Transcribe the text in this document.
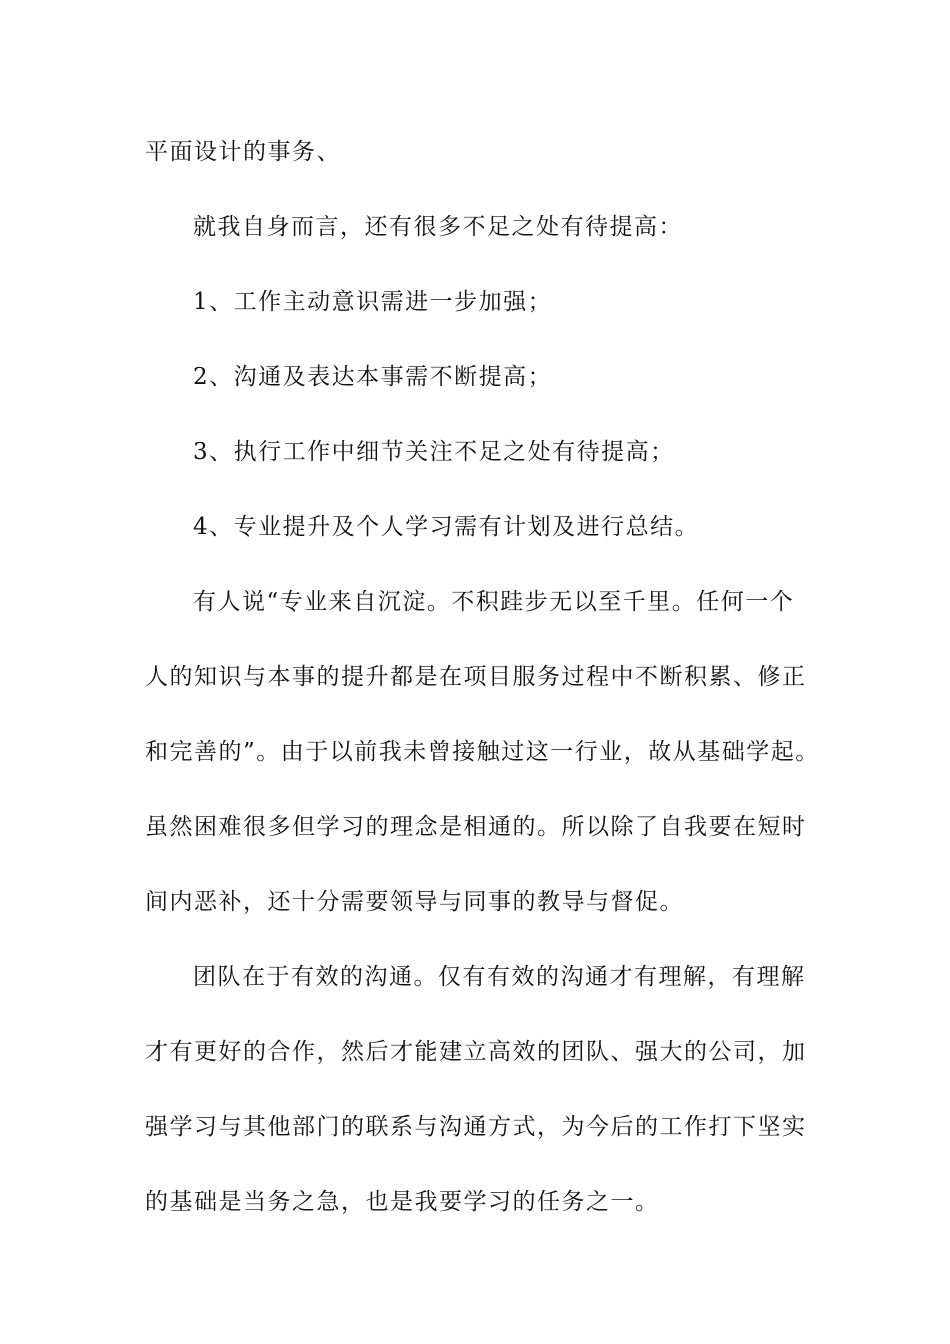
平面设计的事务、
就我自身而言，还有很多不足之处有待提高：
1、工作主动意识需进一步加强；
2、沟通及表达本事需不断提高；
3、执行工作中细节关注不足之处有待提高；
4、专业提升及个人学习需有计划及进行总结。
有人说“专业来自沉淀。不积跬步无以至千里。任何一个
人的知识与本事的提升都是在项目服务过程中不断积累、修正
和完善的”。由于以前我未曾接触过这一行业，故从基础学起。
虽然困难很多但学习的理念是相通的。所以除了自我要在短时
间内恶补，还十分需要领导与同事的教导与督促。
团队在于有效的沟通。仅有有效的沟通才有理解，有理解
才有更好的合作，然后才能建立高效的团队、强大的公司，加
强学习与其他部门的联系与沟通方式，为今后的工作打下坚实
的基础是当务之急，也是我要学习的任务之一。
